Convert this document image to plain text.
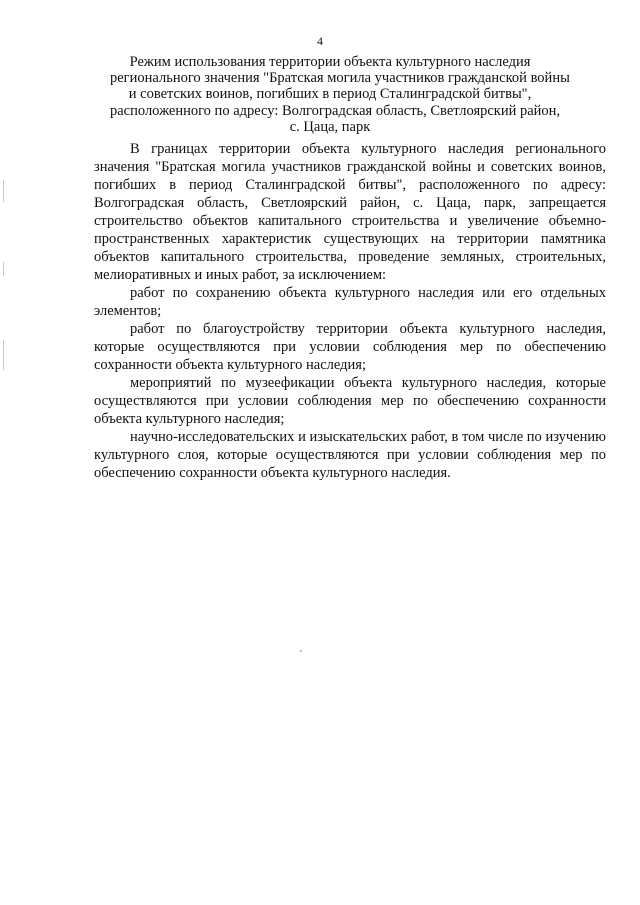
4
Режим использования территории объекта культурного наследия
регионального значения "Братская могила участников гражданской войны
и советских воинов, погибших в период Сталинградской битвы",
расположенного по адресу: Волгоградская область, Светлоярский район,
с. Цаца, парк

В границах территории объекта культурного наследия регионального значения "Братская могила участников гражданской войны и советских воинов, погибших в период Сталинградской битвы", расположенного по адресу: Волгоградская область, Светлоярский район, с. Цаца, парк, запрещается строительство объектов капитального строительства и увеличение объемно-пространственных характеристик существующих на территории памятника объектов капитального строительства, проведение земляных, строительных, мелиоративных и иных работ, за исключением:

работ по сохранению объекта культурного наследия или его отдельных элементов;

работ по благоустройству территории объекта культурного наследия, которые осуществляются при условии соблюдения мер по обеспечению сохранности объекта культурного наследия;

мероприятий по музеефикации объекта культурного наследия, которые осуществляются при условии соблюдения мер по обеспечению сохранности объекта культурного наследия;

научно-исследовательских и изыскательских работ, в том числе по изучению культурного слоя, которые осуществляются при условии соблюдения мер по обеспечению сохранности объекта культурного наследия.
